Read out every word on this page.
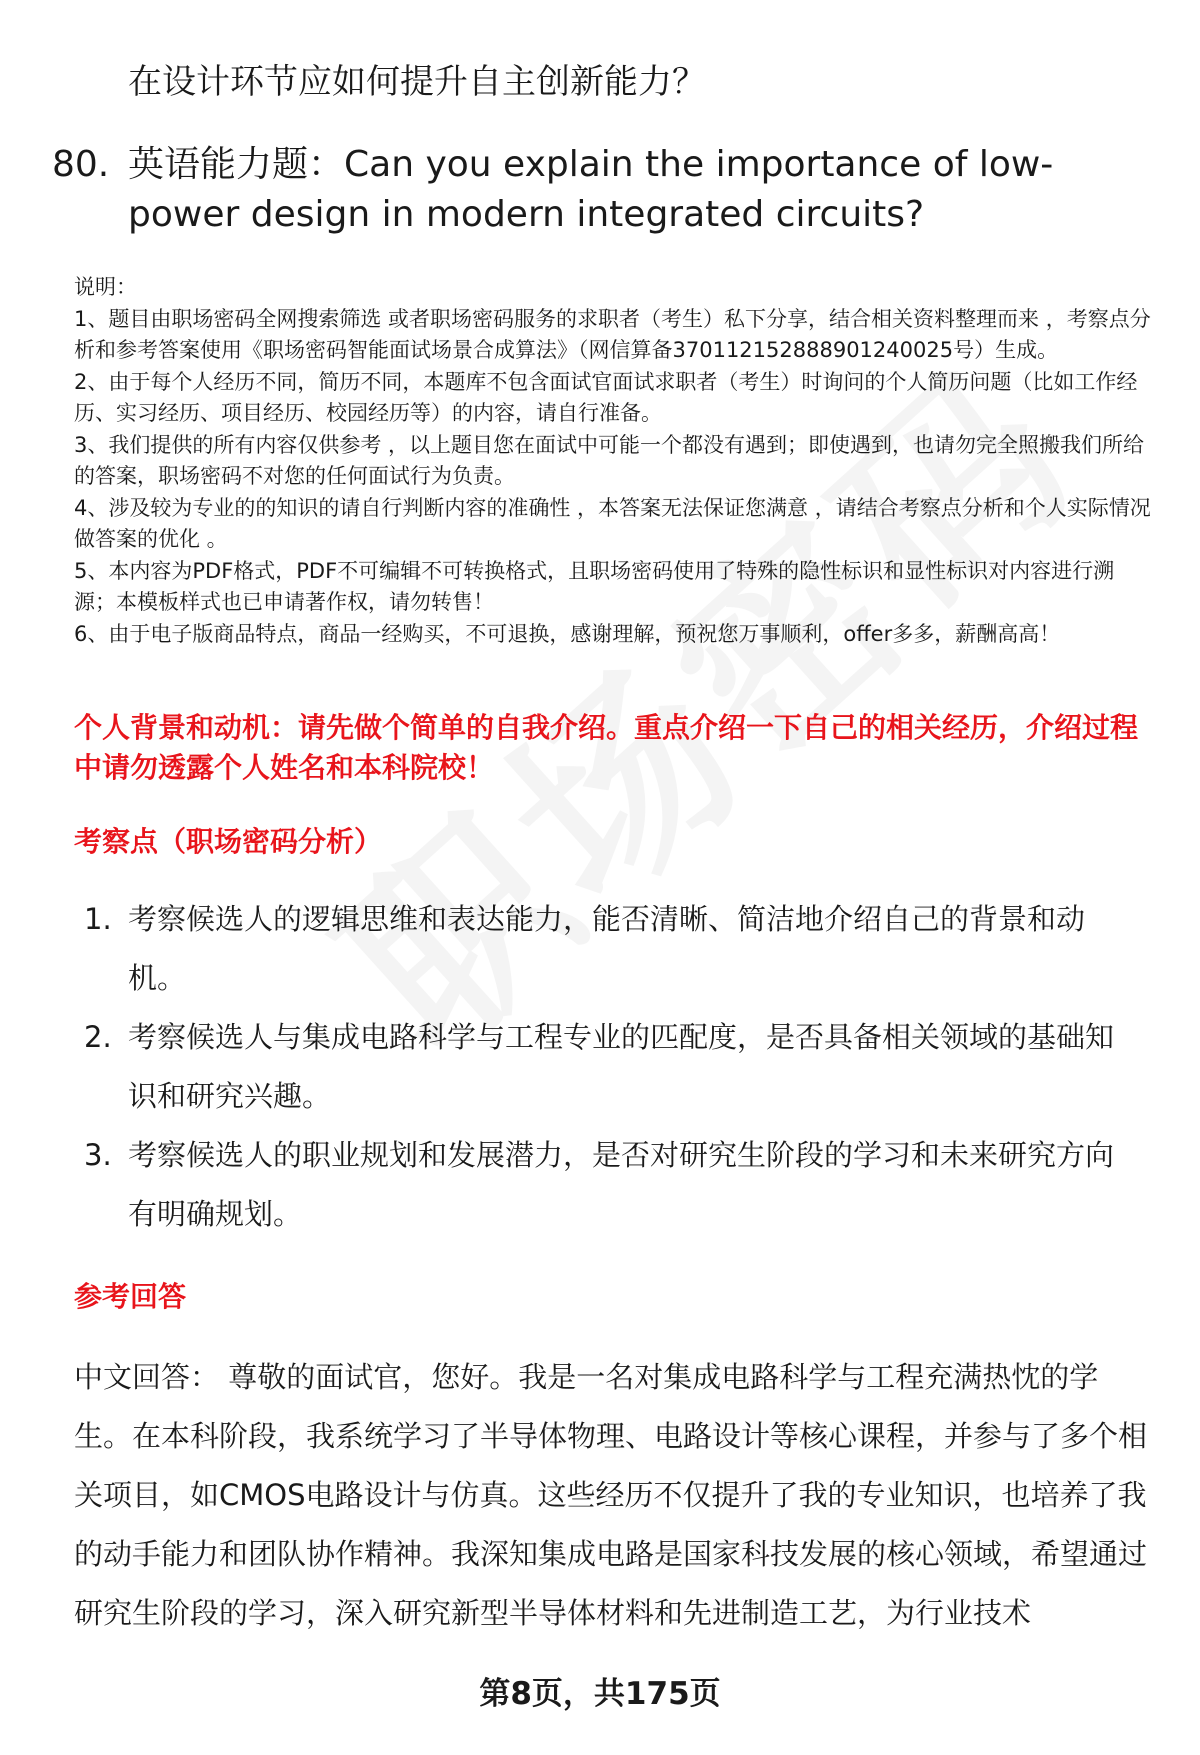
在设计环节应如何提升自主创新能力？
80. 英语能力题：Can you explain the importance of low-power design in modern integrated circuits?

说明：

1、题目由职场密码全网搜索筛选 或者职场密码服务的求职者（考生）私下分享，结合相关资料整理而来 ，考察点分析和参考答案使用《职场密码智能面试场景合成算法》（网信算备370112152888901240025号）生成。

2、由于每个人经历不同，简历不同，本题库不包含面试官面试求职者（考生）时询问的个人简历问题（比如工作经历、实习经历、项目经历、校园经历等）的内容，请自行准备。

3、我们提供的所有内容仅供参考 ，以上题目您在面试中可能一个都没有遇到；即使遇到，也请勿完全照搬我们所给的答案，职场密码不对您的任何面试行为负责。

4、涉及较为专业的的知识的请自行判断内容的准确性 ，本答案无法保证您满意 ，请结合考察点分析和个人实际情况做答案的优化 。

5、本内容为PDF格式，PDF不可编辑不可转换格式，且职场密码使用了特殊的隐性标识和显性标识对内容进行溯源；本模板样式也已申请著作权，请勿转售！

6、由于电子版商品特点，商品一经购买，不可退换，感谢理解，预祝您万事顺利，offer多多，薪酬高高！

个人背景和动机：请先做个简单的自我介绍。重点介绍一下自己的相关经历，介绍过程中请勿透露个人姓名和本科院校！
考察点（职场密码分析）
1. 考察候选人的逻辑思维和表达能力，能否清晰、简洁地介绍自己的背景和动机。
2. 考察候选人与集成电路科学与工程专业的匹配度，是否具备相关领域的基础知识和研究兴趣。
3. 考察候选人的职业规划和发展潜力，是否对研究生阶段的学习和未来研究方向有明确规划。
参考回答
中文回答： 尊敬的面试官，您好。我是一名对集成电路科学与工程充满热忱的学生。在本科阶段，我系统学习了半导体物理、电路设计等核心课程，并参与了多个相关项目，如CMOS电路设计与仿真。这些经历不仅提升了我的专业知识，也培养了我的动手能力和团队协作精神。我深知集成电路是国家科技发展的核心领域，希望通过研究生阶段的学习，深入研究新型半导体材料和先进制造工艺，为行业技术
第8页，共175页
